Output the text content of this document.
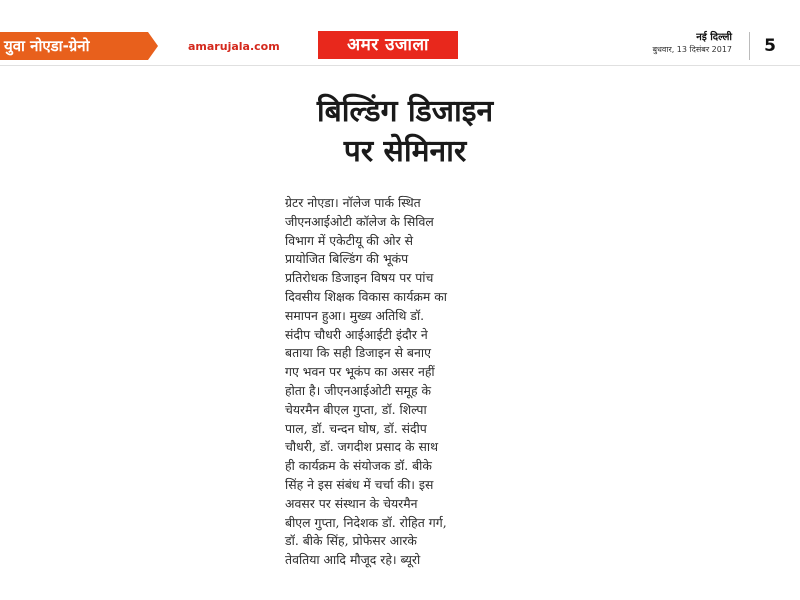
युवा नोएडा-ग्रेनो	amarujala.com	अमर उजाला	नई दिल्ली
बुधवार, 13 दिसंबर 2017	5
बिल्डिंग डिजाइन
पर सेमिनार
ग्रेटर नोएडा। नॉलेज पार्क स्थित
जीएनआईओटी कॉलेज के सिविल
विभाग में एकेटीयू की ओर से
प्रायोजित बिल्डिंग की भूकंप
प्रतिरोधक डिजाइन विषय पर पांच
दिवसीय शिक्षक विकास कार्यक्रम का
समापन हुआ। मुख्य अतिथि डॉ.
संदीप चौधरी आईआईटी इंदौर ने
बताया कि सही डिजाइन से बनाए
गए भवन पर भूकंप का असर नहीं
होता है। जीएनआईओटी समूह के
चेयरमैन बीएल गुप्ता, डॉ. शिल्पा
पाल, डॉ. चन्दन घोष, डॉ. संदीप
चौधरी, डॉ. जगदीश प्रसाद के साथ
ही कार्यक्रम के संयोजक डॉ. बीके
सिंह ने इस संबंध में चर्चा की। इस
अवसर पर संस्थान के चेयरमैन
बीएल गुप्ता, निदेशक डॉ. रोहित गर्ग,
डॉ. बीके सिंह, प्रोफेसर आरके
तेवतिया आदि मौजूद रहे। ब्यूरो
